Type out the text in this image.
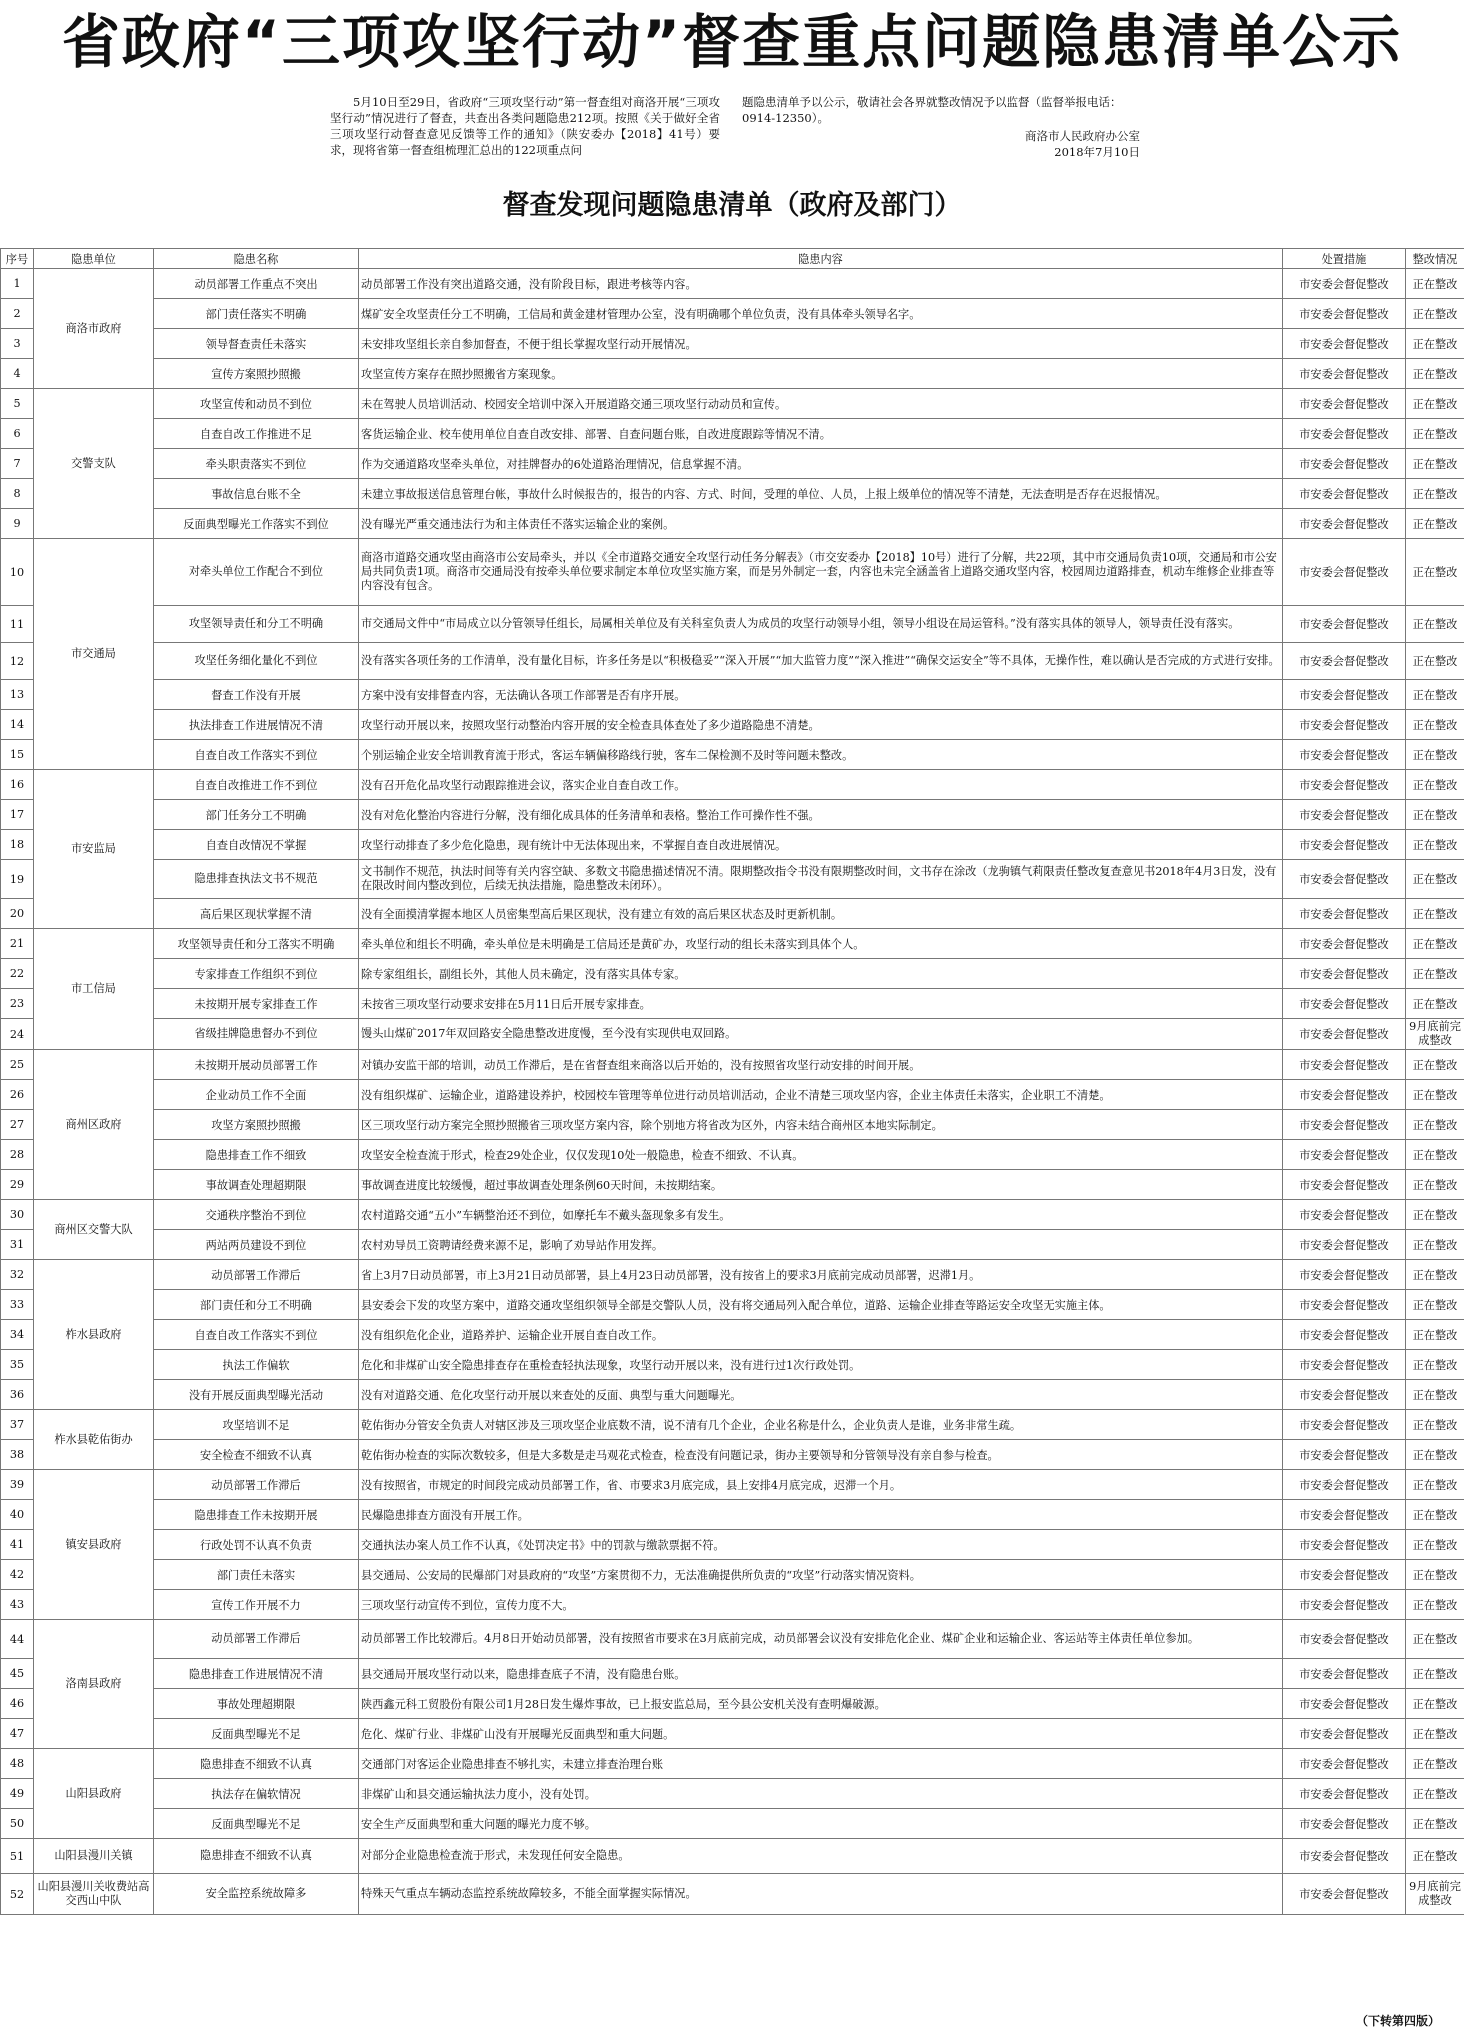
省政府“三项攻坚行动”督查重点问题隐患清单公示
5月10日至29日，省政府“三项攻坚行动”第一督查组对商洛开展“三项攻坚行动”情况进行了督查，共查出各类问题隐患212项。按照《关于做好全省三项攻坚行动督查意见反馈等工作的通知》（陕安委办【2018】41号）要求，现将省第一督查组梳理汇总出的122项重点问
题隐患清单予以公示，敬请社会各界就整改情况予以监督（监督举报电话：0914-12350）。
商洛市人民政府办公室
2018年7月10日
督查发现问题隐患清单（政府及部门）
序号	隐患单位	隐患名称	隐患内容	处置措施	整改情况
1	商洛市政府	动员部署工作重点不突出	动员部署工作没有突出道路交通，没有阶段目标，跟进考核等内容。	市安委会督促整改	正在整改
2		部门责任落实不明确	煤矿安全攻坚责任分工不明确，工信局和黄金建材管理办公室，没有明确哪个单位负责，没有具体牵头领导名字。	市安委会督促整改	正在整改
3		领导督查责任未落实	未安排攻坚组长亲自参加督查，不便于组长掌握攻坚行动开展情况。	市安委会督促整改	正在整改
4		宣传方案照抄照搬	攻坚宣传方案存在照抄照搬省方案现象。	市安委会督促整改	正在整改
5	交警支队	攻坚宣传和动员不到位	未在驾驶人员培训活动、校园安全培训中深入开展道路交通三项攻坚行动动员和宣传。	市安委会督促整改	正在整改
6		自查自改工作推进不足	客货运输企业、校车使用单位自查自改安排、部署、自查问题台账，自改进度跟踪等情况不清。	市安委会督促整改	正在整改
7		牵头职责落实不到位	作为交通道路攻坚牵头单位，对挂牌督办的6处道路治理情况，信息掌握不清。	市安委会督促整改	正在整改
8		事故信息台账不全	未建立事故报送信息管理台帐，事故什么时候报告的，报告的内容、方式、时间，受理的单位、人员，上报上级单位的情况等不清楚，无法查明是否存在迟报情况。	市安委会督促整改	正在整改
9		反面典型曝光工作落实不到位	没有曝光严重交通违法行为和主体责任不落实运输企业的案例。	市安委会督促整改	正在整改
10	市交通局	对牵头单位工作配合不到位	商洛市道路交通攻坚由商洛市公安局牵头，并以《全市道路交通安全攻坚行动任务分解表》（市交安委办【2018】10号）进行了分解，共22项，其中市交通局负责10项，交通局和市公安局共同负责1项。商洛市交通局没有按牵头单位要求制定本单位攻坚实施方案，而是另外制定一套，内容也未完全涵盖省上道路交通攻坚内容，校园周边道路排查，机动车维修企业排查等内容没有包含。	市安委会督促整改	正在整改
11		攻坚领导责任和分工不明确	市交通局文件中“市局成立以分管领导任组长，局属相关单位及有关科室负责人为成员的攻坚行动领导小组，领导小组设在局运管科。”没有落实具体的领导人，领导责任没有落实。	市安委会督促整改	正在整改
12		攻坚任务细化量化不到位	没有落实各项任务的工作清单，没有量化目标，许多任务是以“积极稳妥”“深入开展”“加大监管力度”“深入推进”“确保交运安全”等不具体，无操作性，难以确认是否完成的方式进行安排。	市安委会督促整改	正在整改
13		督查工作没有开展	方案中没有安排督查内容，无法确认各项工作部署是否有序开展。	市安委会督促整改	正在整改
14		执法排查工作进展情况不清	攻坚行动开展以来，按照攻坚行动整治内容开展的安全检查具体查处了多少道路隐患不清楚。	市安委会督促整改	正在整改
15		自查自改工作落实不到位	个别运输企业安全培训教育流于形式，客运车辆偏移路线行驶，客车二保检测不及时等问题未整改。	市安委会督促整改	正在整改
16	市安监局	自查自改推进工作不到位	没有召开危化品攻坚行动跟踪推进会议，落实企业自查自改工作。	市安委会督促整改	正在整改
17		部门任务分工不明确	没有对危化整治内容进行分解，没有细化成具体的任务清单和表格。整治工作可操作性不强。	市安委会督促整改	正在整改
18		自查自改情况不掌握	攻坚行动排查了多少危化隐患，现有统计中无法体现出来，不掌握自查自改进展情况。	市安委会督促整改	正在整改
19		隐患排查执法文书不规范	文书制作不规范，执法时间等有关内容空缺、多数文书隐患描述情况不清。限期整改指令书没有限期整改时间，文书存在涂改（龙驹镇气莉限责任整改复查意见书2018年4月3日发，没有在限改时间内整改到位，后续无执法措施，隐患整改未闭环）。	市安委会督促整改	正在整改
20		高后果区现状掌握不清	没有全面摸清掌握本地区人员密集型高后果区现状，没有建立有效的高后果区状态及时更新机制。	市安委会督促整改	正在整改
21	市工信局	攻坚领导责任和分工落实不明确	牵头单位和组长不明确，牵头单位是未明确是工信局还是黄矿办，攻坚行动的组长未落实到具体个人。	市安委会督促整改	正在整改
22		专家排查工作组织不到位	除专家组组长，副组长外，其他人员未确定，没有落实具体专家。	市安委会督促整改	正在整改
23		未按期开展专家排查工作	未按省三项攻坚行动要求安排在5月11日后开展专家排查。	市安委会督促整改	正在整改
24		省级挂牌隐患督办不到位	馒头山煤矿2017年双回路安全隐患整改进度慢，至今没有实现供电双回路。	市安委会督促整改	9月底前完成整改
25	商州区政府	未按期开展动员部署工作	对镇办安监干部的培训，动员工作滞后，是在省督查组来商洛以后开始的，没有按照省攻坚行动安排的时间开展。	市安委会督促整改	正在整改
26		企业动员工作不全面	没有组织煤矿、运输企业，道路建设养护，校园校车管理等单位进行动员培训活动，企业不清楚三项攻坚内容，企业主体责任未落实，企业职工不清楚。	市安委会督促整改	正在整改
27		攻坚方案照抄照搬	区三项攻坚行动方案完全照抄照搬省三项攻坚方案内容，除个别地方将省改为区外，内容未结合商州区本地实际制定。	市安委会督促整改	正在整改
28		隐患排查工作不细致	攻坚安全检查流于形式，检查29处企业，仅仅发现10处一般隐患，检查不细致、不认真。	市安委会督促整改	正在整改
29		事故调查处理超期限	事故调查进度比较缓慢，超过事故调查处理条例60天时间，未按期结案。	市安委会督促整改	正在整改
30	商州区交警大队	交通秩序整治不到位	农村道路交通“五小”车辆整治还不到位，如摩托车不戴头盔现象多有发生。	市安委会督促整改	正在整改
31		两站两员建设不到位	农村劝导员工资聘请经费来源不足，影响了劝导站作用发挥。	市安委会督促整改	正在整改
32	柞水县政府	动员部署工作滞后	省上3月7日动员部署，市上3月21日动员部署，县上4月23日动员部署，没有按省上的要求3月底前完成动员部署，迟滞1月。	市安委会督促整改	正在整改
33		部门责任和分工不明确	县安委会下发的攻坚方案中，道路交通攻坚组织领导全部是交警队人员，没有将交通局列入配合单位，道路、运输企业排查等路运安全攻坚无实施主体。	市安委会督促整改	正在整改
34		自查自改工作落实不到位	没有组织危化企业，道路养护、运输企业开展自查自改工作。	市安委会督促整改	正在整改
35		执法工作偏软	危化和非煤矿山安全隐患排查存在重检查轻执法现象，攻坚行动开展以来，没有进行过1次行政处罚。	市安委会督促整改	正在整改
36		没有开展反面典型曝光活动	没有对道路交通、危化攻坚行动开展以来查处的反面、典型与重大问题曝光。	市安委会督促整改	正在整改
37	柞水县乾佑街办	攻坚培训不足	乾佑街办分管安全负责人对辖区涉及三项攻坚企业底数不清，说不清有几个企业，企业名称是什么，企业负责人是谁，业务非常生疏。	市安委会督促整改	正在整改
38		安全检查不细致不认真	乾佑街办检查的实际次数较多，但是大多数是走马观花式检查，检查没有问题记录，街办主要领导和分管领导没有亲自参与检查。	市安委会督促整改	正在整改
39	镇安县政府	动员部署工作滞后	没有按照省，市规定的时间段完成动员部署工作，省、市要求3月底完成，县上安排4月底完成，迟滞一个月。	市安委会督促整改	正在整改
40		隐患排查工作未按期开展	民爆隐患排查方面没有开展工作。	市安委会督促整改	正在整改
41		行政处罚不认真不负责	交通执法办案人员工作不认真，《处罚决定书》中的罚款与缴款票据不符。	市安委会督促整改	正在整改
42		部门责任未落实	县交通局、公安局的民爆部门对县政府的“攻坚”方案贯彻不力，无法准确提供所负责的“攻坚”行动落实情况资料。	市安委会督促整改	正在整改
43		宣传工作开展不力	三项攻坚行动宣传不到位，宣传力度不大。	市安委会督促整改	正在整改
44	洛南县政府	动员部署工作滞后	动员部署工作比较滞后。4月8日开始动员部署，没有按照省市要求在3月底前完成，动员部署会议没有安排危化企业、煤矿企业和运输企业、客运站等主体责任单位参加。	市安委会督促整改	正在整改
45		隐患排查工作进展情况不清	县交通局开展攻坚行动以来，隐患排查底子不清，没有隐患台账。	市安委会督促整改	正在整改
46		事故处理超期限	陕西鑫元科工贸股份有限公司1月28日发生爆炸事故，已上报安监总局，至今县公安机关没有查明爆破源。	市安委会督促整改	正在整改
47		反面典型曝光不足	危化、煤矿行业、非煤矿山没有开展曝光反面典型和重大问题。	市安委会督促整改	正在整改
48	山阳县政府	隐患排查不细致不认真	交通部门对客运企业隐患排查不够扎实，未建立排查治理台账	市安委会督促整改	正在整改
49		执法存在偏软情况	非煤矿山和县交通运输执法力度小，没有处罚。	市安委会督促整改	正在整改
50		反面典型曝光不足	安全生产反面典型和重大问题的曝光力度不够。	市安委会督促整改	正在整改
51	山阳县漫川关镇	隐患排查不细致不认真	对部分企业隐患检查流于形式，未发现任何安全隐患。	市安委会督促整改	正在整改
52	山阳县漫川关收费站高交西山中队	安全监控系统故障多	特殊天气重点车辆动态监控系统故障较多，不能全面掌握实际情况。	市安委会督促整改	9月底前完成整改
（下转第四版）
